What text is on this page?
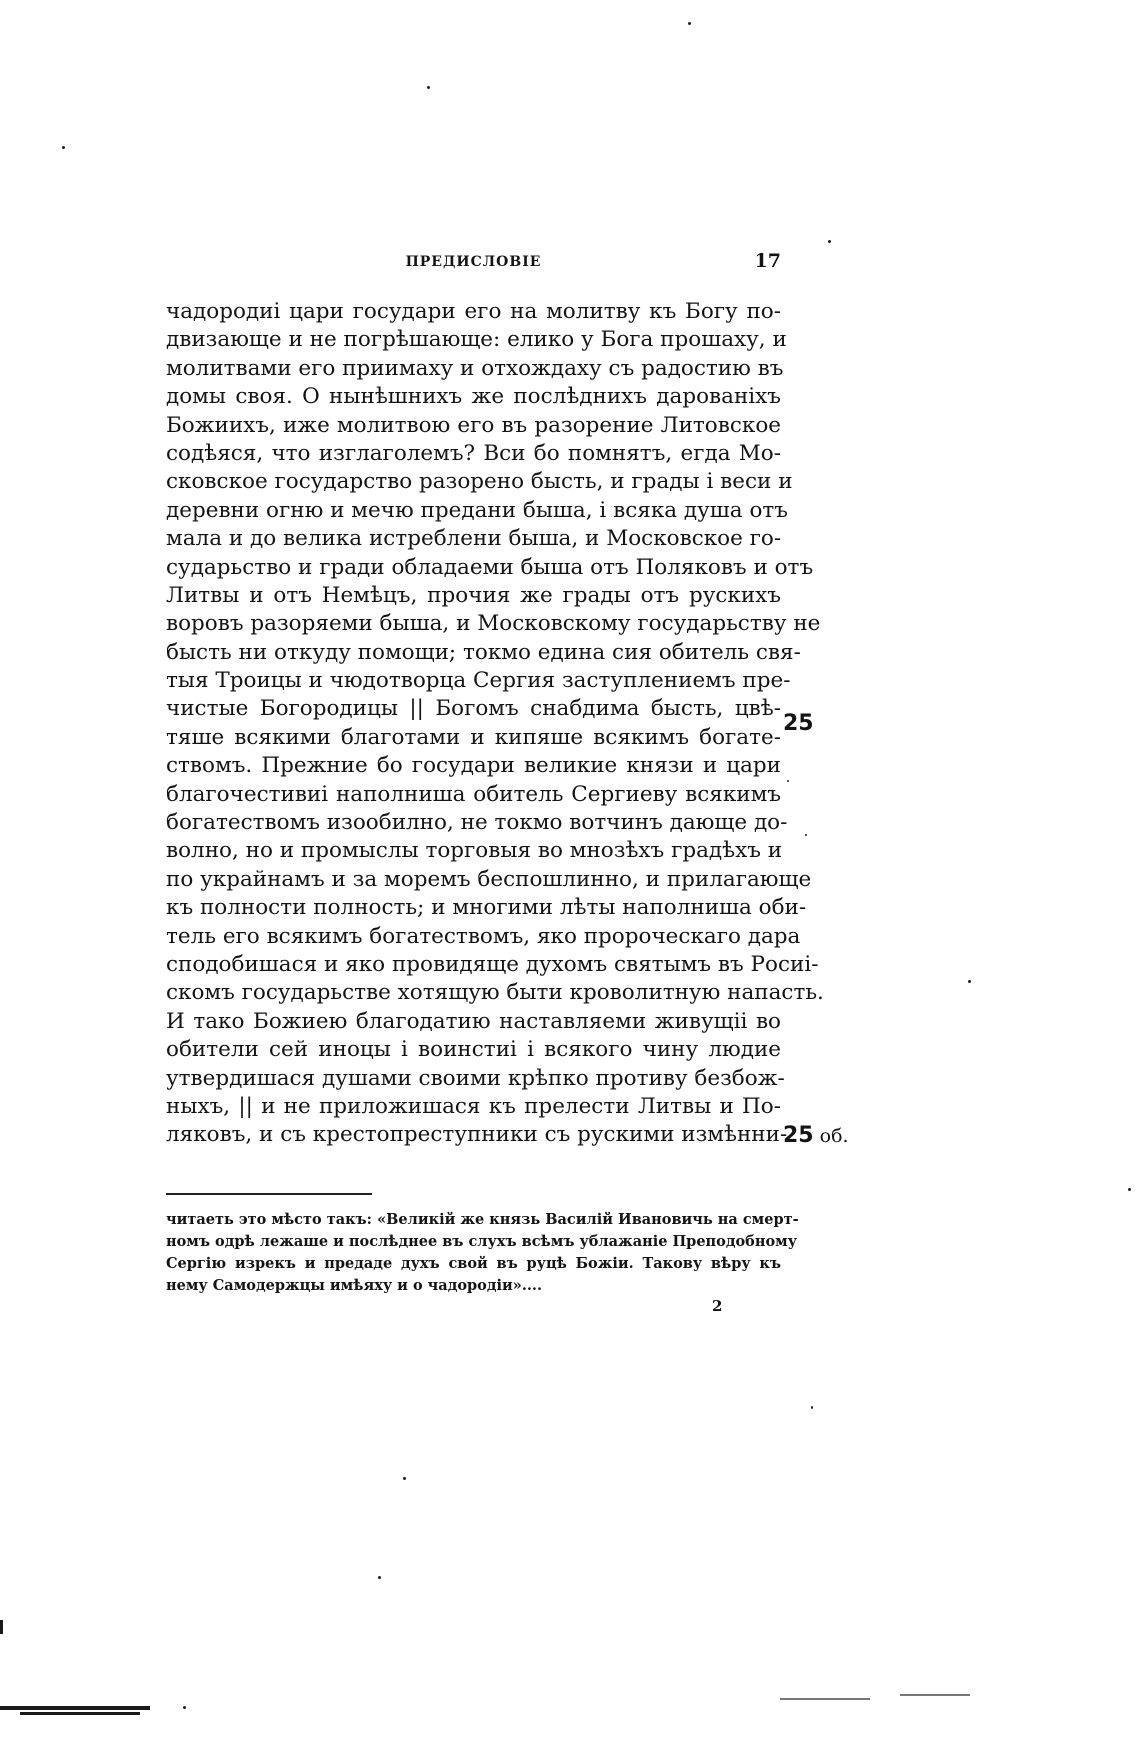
ПРЕДИСЛОВІЕ	17
чадородиі цари государи его на молитву къ Богу по-
двизающе и не погрѣшающе: елико у Бога прошаху, и
молитвами его приимаху и отхождаху съ радостию въ
домы своя. О нынѣшнихъ же послѣднихъ дарованіхъ
Божиихъ, иже молитвою его въ разорение Литовское
содѣяся, что изглаголемъ? Вси бо помнятъ, егда Мо-
сковское государство разорено бысть, и грады і веси и
деревни огню и мечю предани быша, і всяка душа отъ
мала и до велика истреблени быша, и Московское го-
сударьство и гради обладаеми быша отъ Поляковъ и отъ
Литвы и отъ Немѣцъ, прочия же грады отъ рускихъ
воровъ разоряеми быша, и Московскому государьству не
бысть ни откуду помощи; токмо едина сия обитель свя-
тыя Троицы и чюдотворца Сергия заступлениемъ пре-
чистые Богородицы || Богомъ снабдима бысть, цвѣ-
тяше всякими благотами и кипяше всякимъ богате-
ствомъ. Прежние бо государи великие князи и цари
благочестивиі наполниша обитель Сергиеву всякимъ
богатествомъ изообилно, не токмо вотчинъ дающе до-
волно, но и промыслы торговыя во мнозѣхъ градѣхъ и
по украйнамъ и за моремъ беспошлинно, и прилагающе
къ полности полность; и многими лѣты наполниша оби-
тель его всякимъ богатествомъ, яко пророческаго дара
сподобишася и яко провидяще духомъ святымъ въ Росиі-
скомъ государьстве хотящую быти кроволитную напасть.
И тако Божиею благодатию наставляеми живущіі во
обители сей иноцы і воинстиі і всякого чину людие
утвердишася душами своими крѣпко противу безбож-
ныхъ, || и не приложишася къ прелести Литвы и По-
ляковъ, и съ крестопреступники съ рускими измѣнни-
25
25 об.
читаеть это мѣсто такъ: «Великій же князь Василій Ивановичь на смерт-
номъ одрѣ лежаше и послѣднее въ слухъ всѣмъ ублажаніе Преподобному
Сергію изрекъ и предаде духъ свой въ руцѣ Божіи. Такову вѣру къ
нему Самодержцы имѣяху и о чадородіи»....
2
